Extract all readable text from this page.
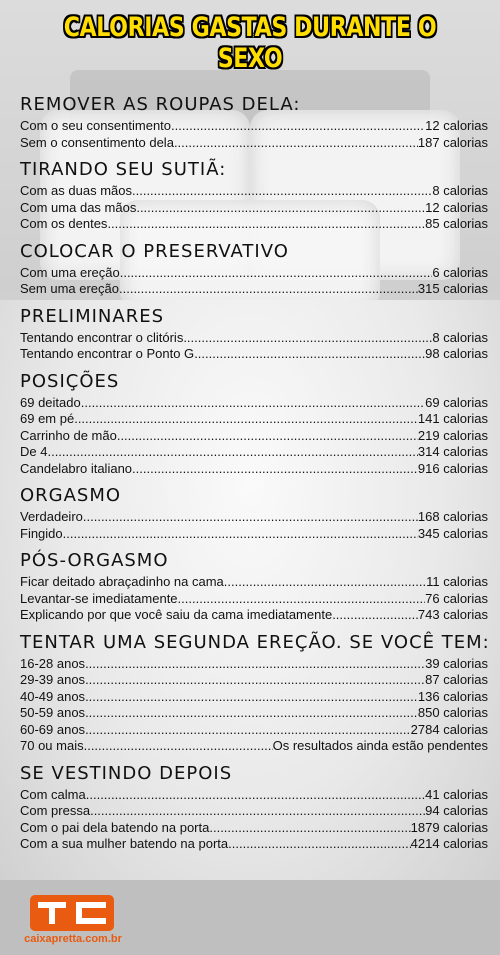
CALORIAS GASTAS DURANTE O SEXO
REMOVER AS ROUPAS DELA:
Com o seu consentimento .....	12 calorias
Sem o consentimento dela .....	187 calorias
TIRANDO SEU SUTIÃ:
Com as duas mãos .....	8 calorias
Com uma das mãos .....	12 calorias
Com os dentes .....	85 calorias
COLOCAR O PRESERVATIVO
Com uma ereção .....	6 calorias
Sem uma ereção .....	315 calorias
PRELIMINARES
Tentando encontrar o clitóris .....	8 calorias
Tentando encontrar o Ponto G .....	98 calorias
POSIÇÕES
69 deitado .....	69 calorias
69 em pé .....	141 calorias
Carrinho de mão .....	219 calorias
De 4 .....	314 calorias
Candelabro italiano .....	916 calorias
ORGASMO
Verdadeiro .....	168 calorias
Fingido .....	345 calorias
PÓS-ORGASMO
Ficar deitado abraçadinho na cama .....	11 calorias
Levantar-se imediatamente .....	76 calorias
Explicando por que você saiu da cama imediatamente .....	743 calorias
TENTAR UMA SEGUNDA EREÇÃO. SE VOCÊ TEM:
16-28 anos .....	39 calorias
29-39 anos .....	87 calorias
40-49 anos .....	136 calorias
50-59 anos .....	850 calorias
60-69 anos .....	2784 calorias
70 ou mais .....	Os resultados ainda estão pendentes
SE VESTINDO DEPOIS
Com calma .....	41 calorias
Com pressa .....	94 calorias
Com o pai dela batendo na porta .....	1879 calorias
Com a sua mulher batendo na porta .....	4214 calorias
caixapretta.com.br
